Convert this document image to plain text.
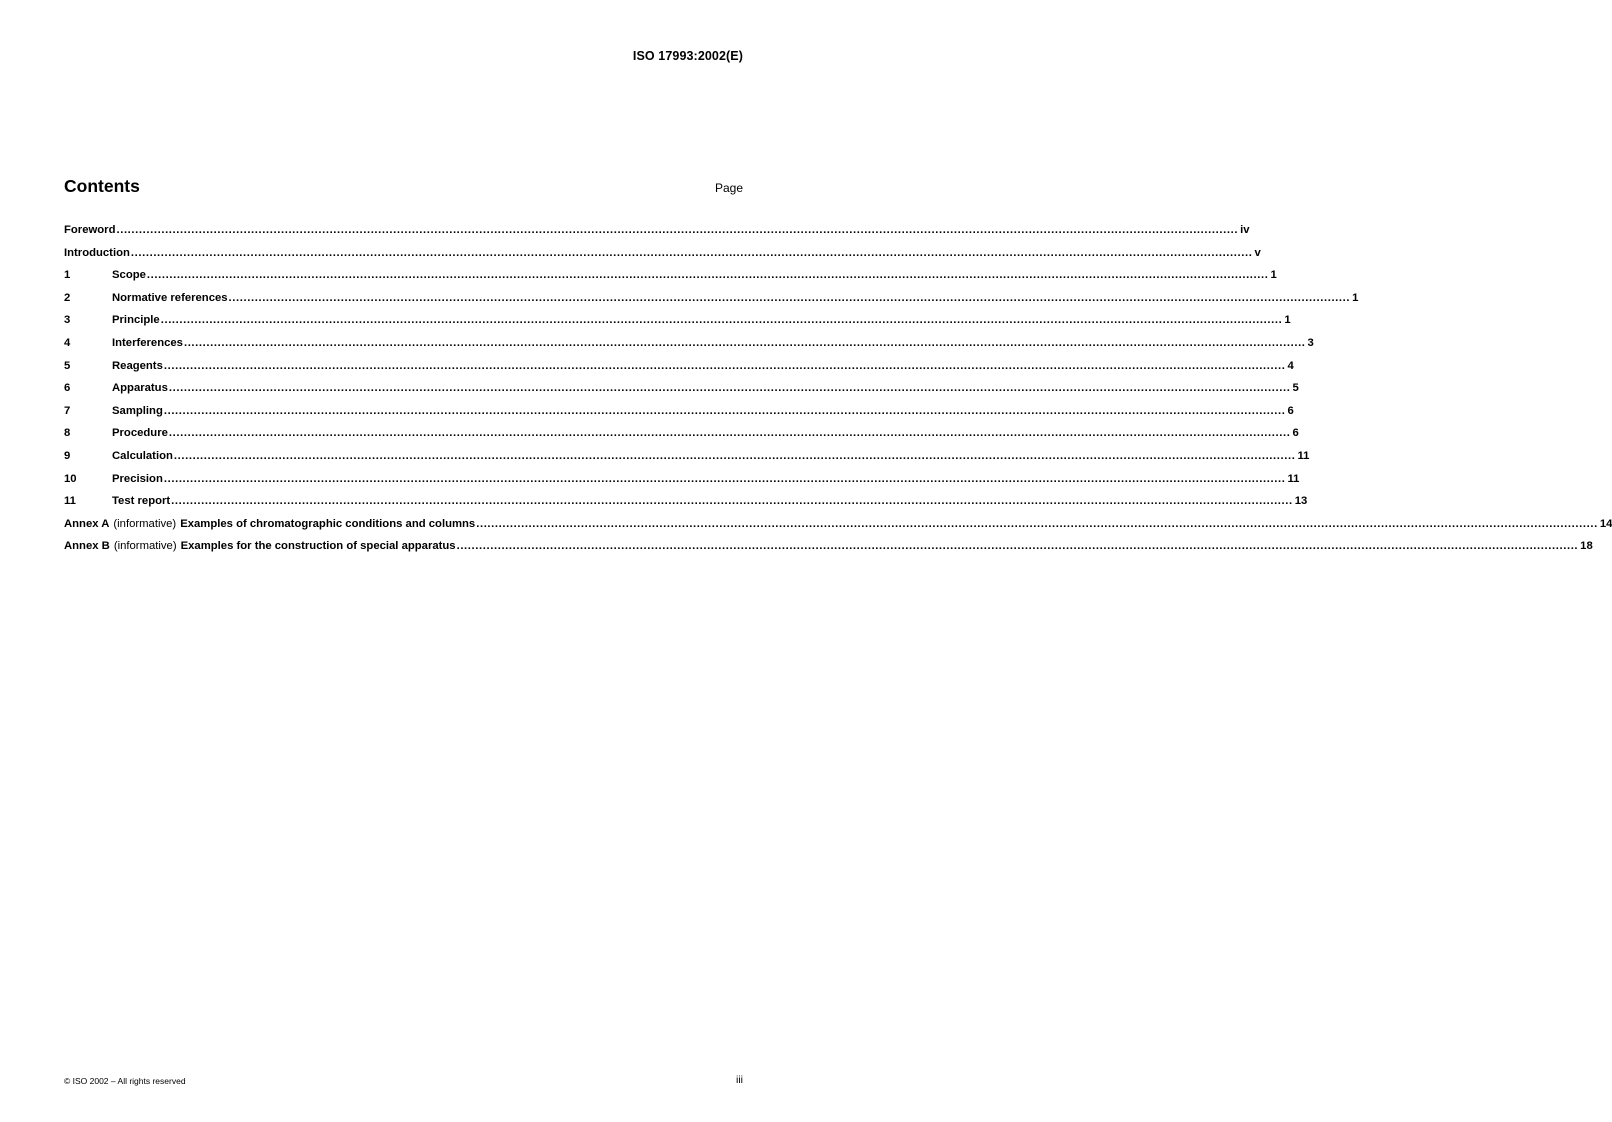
ISO 17993:2002(E)
Contents	Page
Foreword ............................................................................................................................................................................................................................................................................................................ iv
Introduction ............................................................................................................................................................................................................................................................................................................ v
1	Scope ............................................................................................................................................................................................................................................................................................................ 1
2	Normative references ............................................................................................................................................................................................................................................................................................................ 1
3	Principle ............................................................................................................................................................................................................................................................................................................ 1
4	Interferences ............................................................................................................................................................................................................................................................................................................ 3
5	Reagents ............................................................................................................................................................................................................................................................................................................ 4
6	Apparatus ............................................................................................................................................................................................................................................................................................................ 5
7	Sampling ............................................................................................................................................................................................................................................................................................................ 6
8	Procedure ............................................................................................................................................................................................................................................................................................................ 6
9	Calculation ............................................................................................................................................................................................................................................................................................................ 11
10	Precision ............................................................................................................................................................................................................................................................................................................ 11
11	Test report ............................................................................................................................................................................................................................................................................................................ 13
Annex A (informative) Examples of chromatographic conditions and columns ............................................................................................................................................................................................................................................................................................................ 14
Annex B (informative) Examples for the construction of special apparatus ............................................................................................................................................................................................................................................................................................................ 18
© ISO 2002 – All rights reserved	iii
